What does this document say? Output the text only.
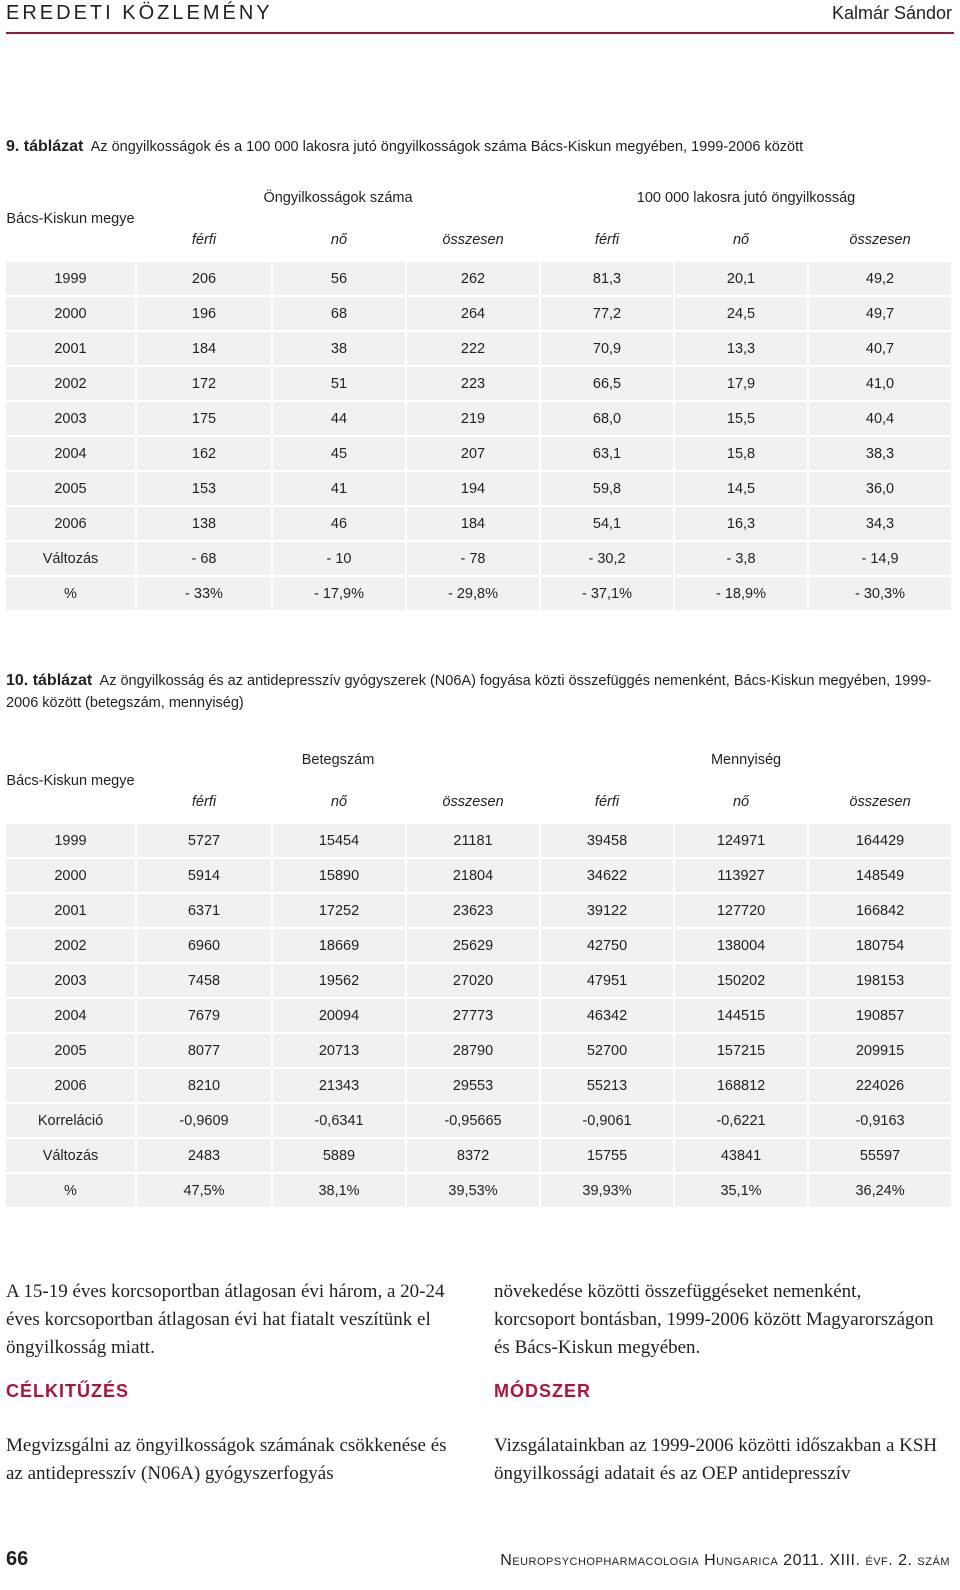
EREDETI KÖZLEMÉNY	Kalmár Sándor
9. táblázat Az öngyilkosságok és a 100 000 lakosra jutó öngyilkosságok száma Bács-Kiskun megyében, 1999-2006 között
Bács-Kiskun megye	Öngyilkosságok száma			100 000 lakosra jutó öngyilkosság		
	férfi	nő	összesen	férfi	nő	összesen
1999	206	56	262	81,3	20,1	49,2
2000	196	68	264	77,2	24,5	49,7
2001	184	38	222	70,9	13,3	40,7
2002	172	51	223	66,5	17,9	41,0
2003	175	44	219	68,0	15,5	40,4
2004	162	45	207	63,1	15,8	38,3
2005	153	41	194	59,8	14,5	36,0
2006	138	46	184	54,1	16,3	34,3
Változás	- 68	- 10	- 78	- 30,2	- 3,8	- 14,9
%	- 33%	- 17,9%	- 29,8%	- 37,1%	- 18,9%	- 30,3%
10. táblázat Az öngyilkosság és az antidepresszív gyógyszerek (N06A) fogyása közti összefüggés nemenként, Bács-Kiskun megyében, 1999-2006 között (betegszám, mennyiség)
Bács-Kiskun megye	Betegszám			Mennyiség		
	férfi	nő	összesen	férfi	nő	összesen
1999	5727	15454	21181	39458	124971	164429
2000	5914	15890	21804	34622	113927	148549
2001	6371	17252	23623	39122	127720	166842
2002	6960	18669	25629	42750	138004	180754
2003	7458	19562	27020	47951	150202	198153
2004	7679	20094	27773	46342	144515	190857
2005	8077	20713	28790	52700	157215	209915
2006	8210	21343	29553	55213	168812	224026
Korreláció	-0,9609	-0,6341	-0,95665	-0,9061	-0,6221	-0,9163
Változás	2483	5889	8372	15755	43841	55597
%	47,5%	38,1%	39,53%	39,93%	35,1%	36,24%
A 15-19 éves korcsoportban átlagosan évi három, a 20-24 éves korcsoportban átlagosan évi hat fiatalt veszítünk el öngyilkosság miatt.
CÉLKITŰZÉS
Megvizsgálni az öngyilkosságok számának csökkenése és az antidepresszív (N06A) gyógyszerfogyás
növekedése közötti összefüggéseket nemenként, korcsoport bontásban, 1999-2006 között Magyarországon és Bács-Kiskun megyében.
MÓDSZER
Vizsgálatainkban az 1999-2006 közötti időszakban a KSH öngyilkossági adatait és az OEP antidepresszív
66	Neuropsychopharmacologia Hungarica 2011. XIII. évf. 2. szám
